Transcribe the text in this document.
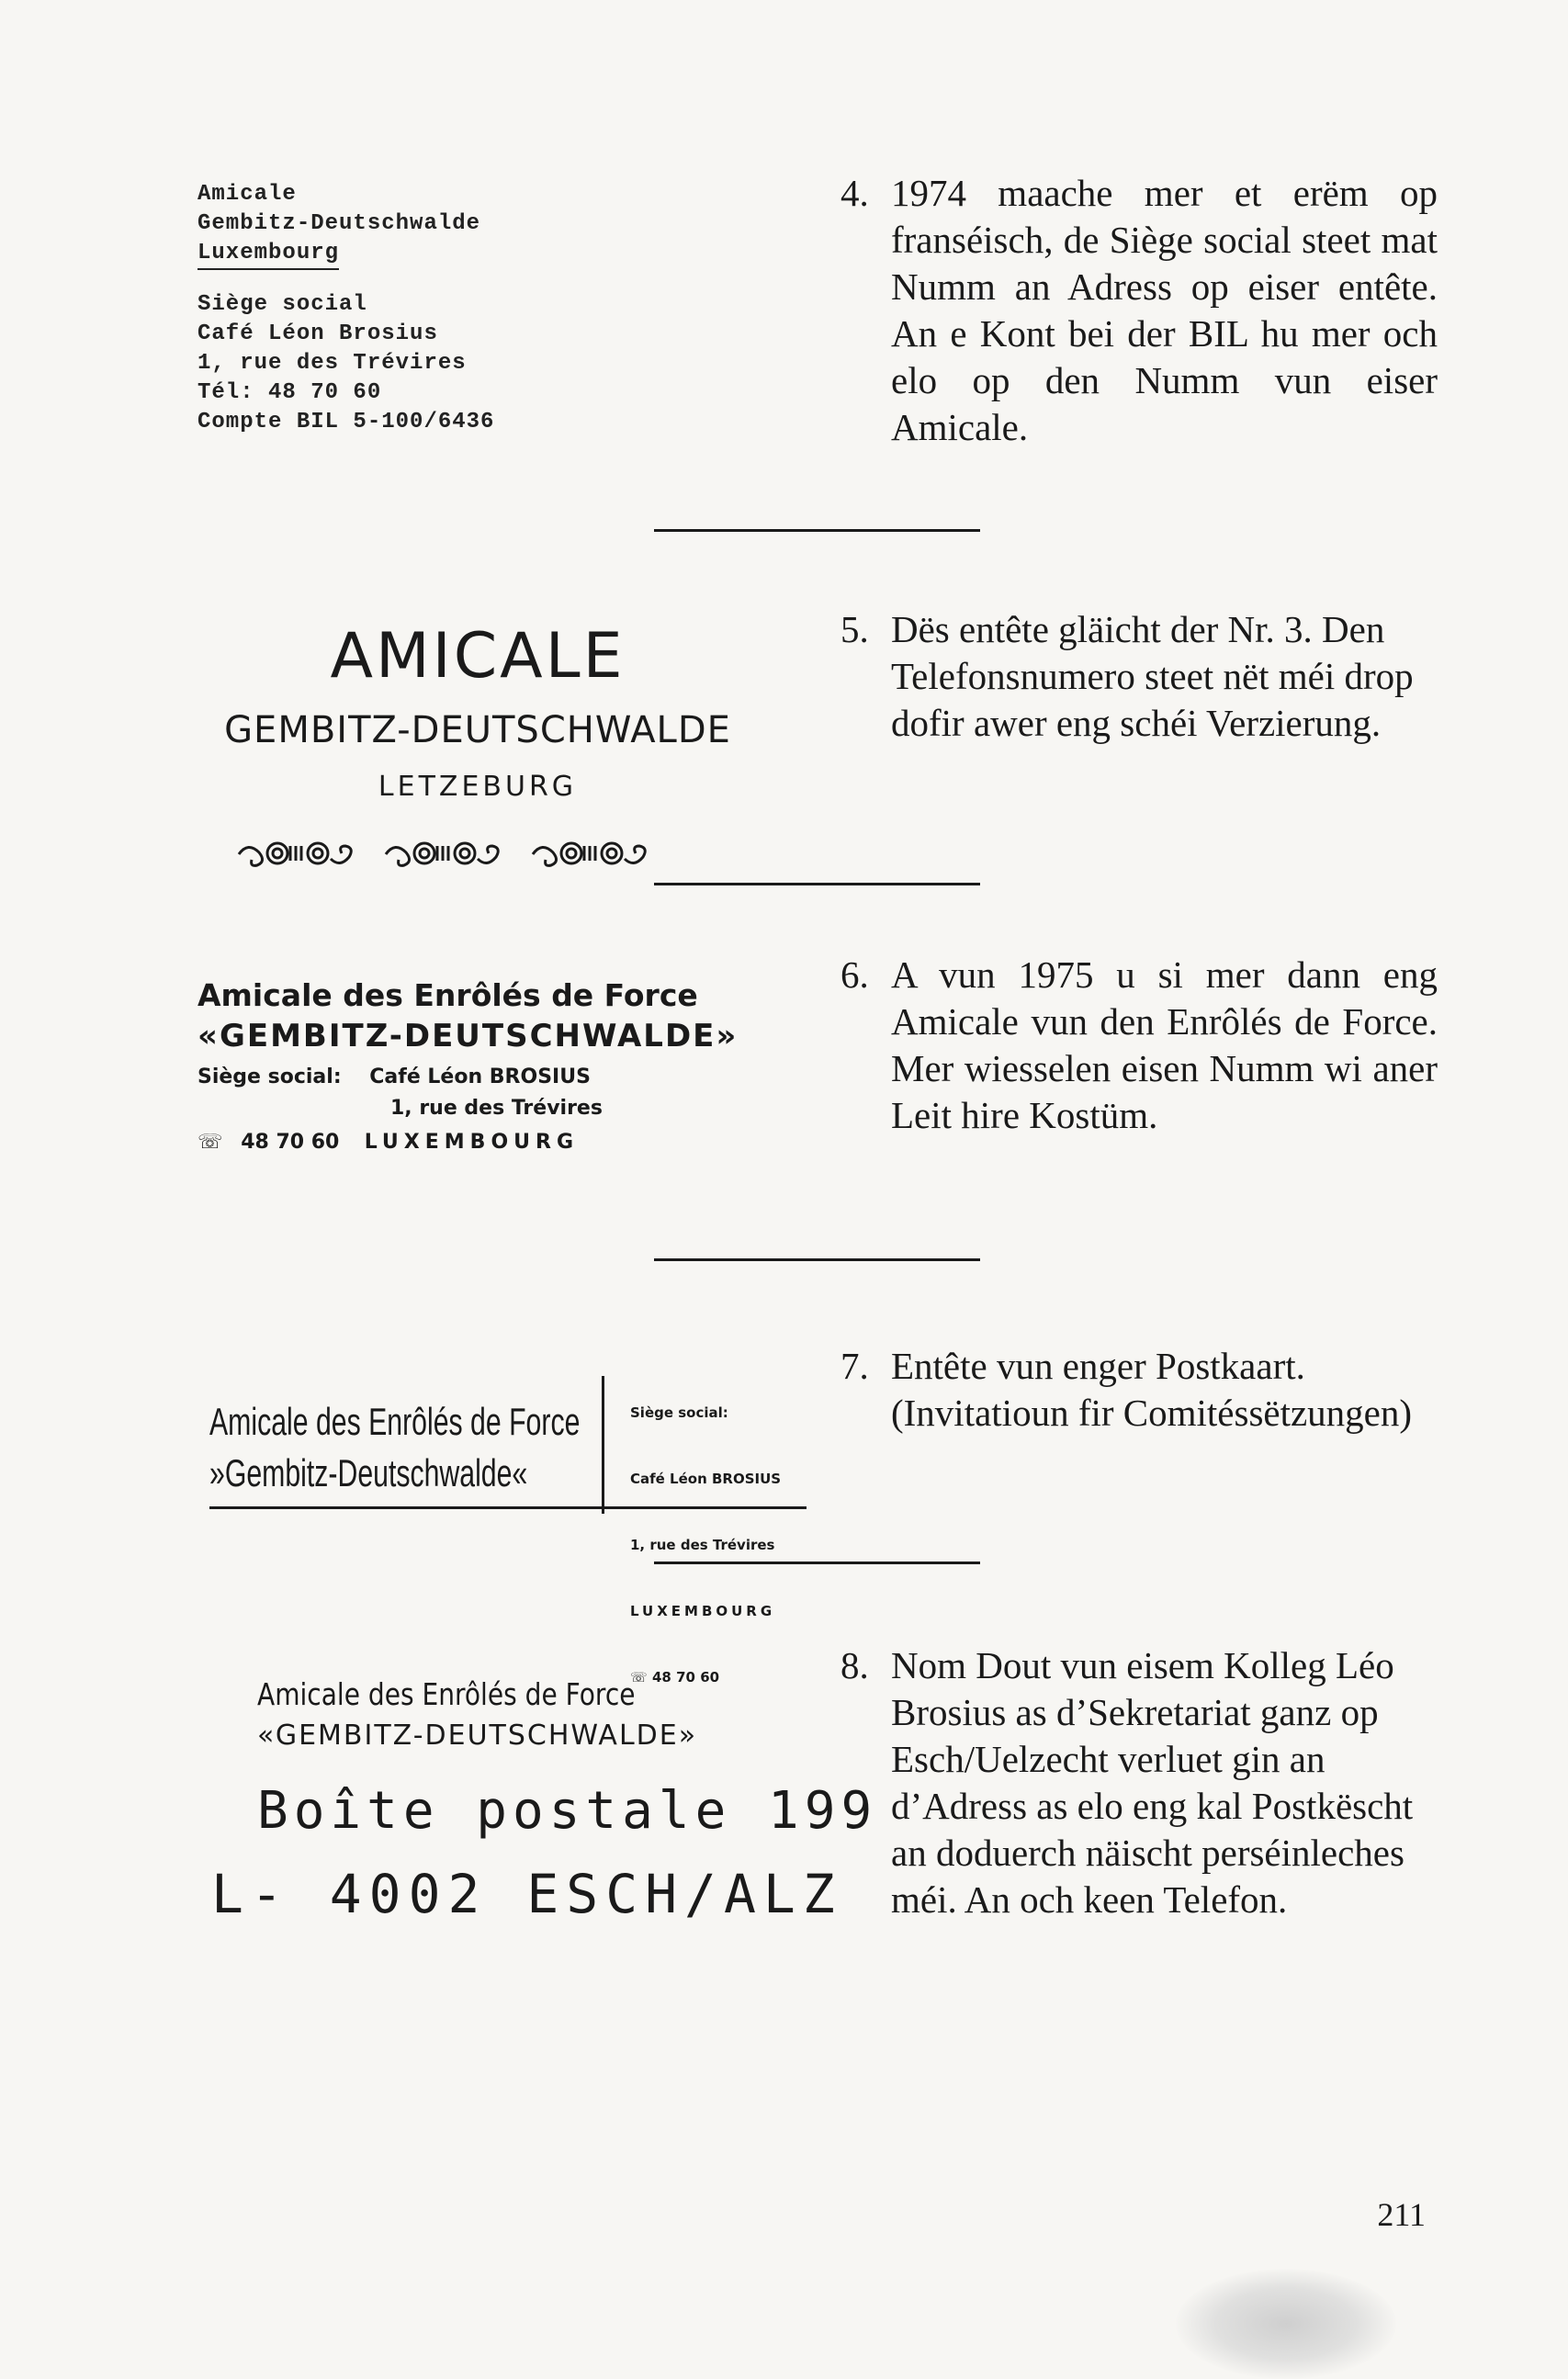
Amicale
Gembitz-Deutschwalde
Luxembourg
Siège social
Café Léon Brosius
1, rue des Trévires
Tél: 48 70 60
Compte BIL 5-100/6436
4. 1974 maache mer et erëm op franséisch, de Siège social steet mat Numm an Adress op eiser entête. An e Kont bei der BIL hu mer och elo op den Numm vun eiser Amicale.
AMICALE
GEMBITZ-DEUTSCHWALDE
LETZEBURG
5. Dës entête gläicht der Nr. 3. Den Telefonsnumero steet nët méi drop dofir awer eng schéi Verzierung.
Amicale des Enrôlés de Force
«GEMBITZ-DEUTSCHWALDE»
Siège social: Café Léon BROSIUS
1, rue des Trévires
☏ 48 70 60 LUXEMBOURG
6. A vun 1975 u si mer dann eng Amicale vun den Enrôlés de Force. Mer wiesselen eisen Numm wi aner Leit hire Kostüm.
Amicale des Enrôlés de Force
»Gembitz-Deutschwalde«

Siège social:

Café Léon BROSIUS

1, rue des Trévires

LUXEMBOURG

☏ 48 70 60

7. Entête vun enger Postkaart. (Invitatioun fir Comitéssëtzungen)
Amicale des Enrôlés de Force
«GEMBITZ-DEUTSCHWALDE»
Boîte postale 199
L- 4002 ESCH/ALZ
8. Nom Dout vun eisem Kolleg Léo Brosius as d’Sekretariat ganz op Esch/Uelzecht verluet gin an d’Adress as elo eng kal Postkëscht an doduerch näischt perséinleches méi. An och keen Telefon.
211
